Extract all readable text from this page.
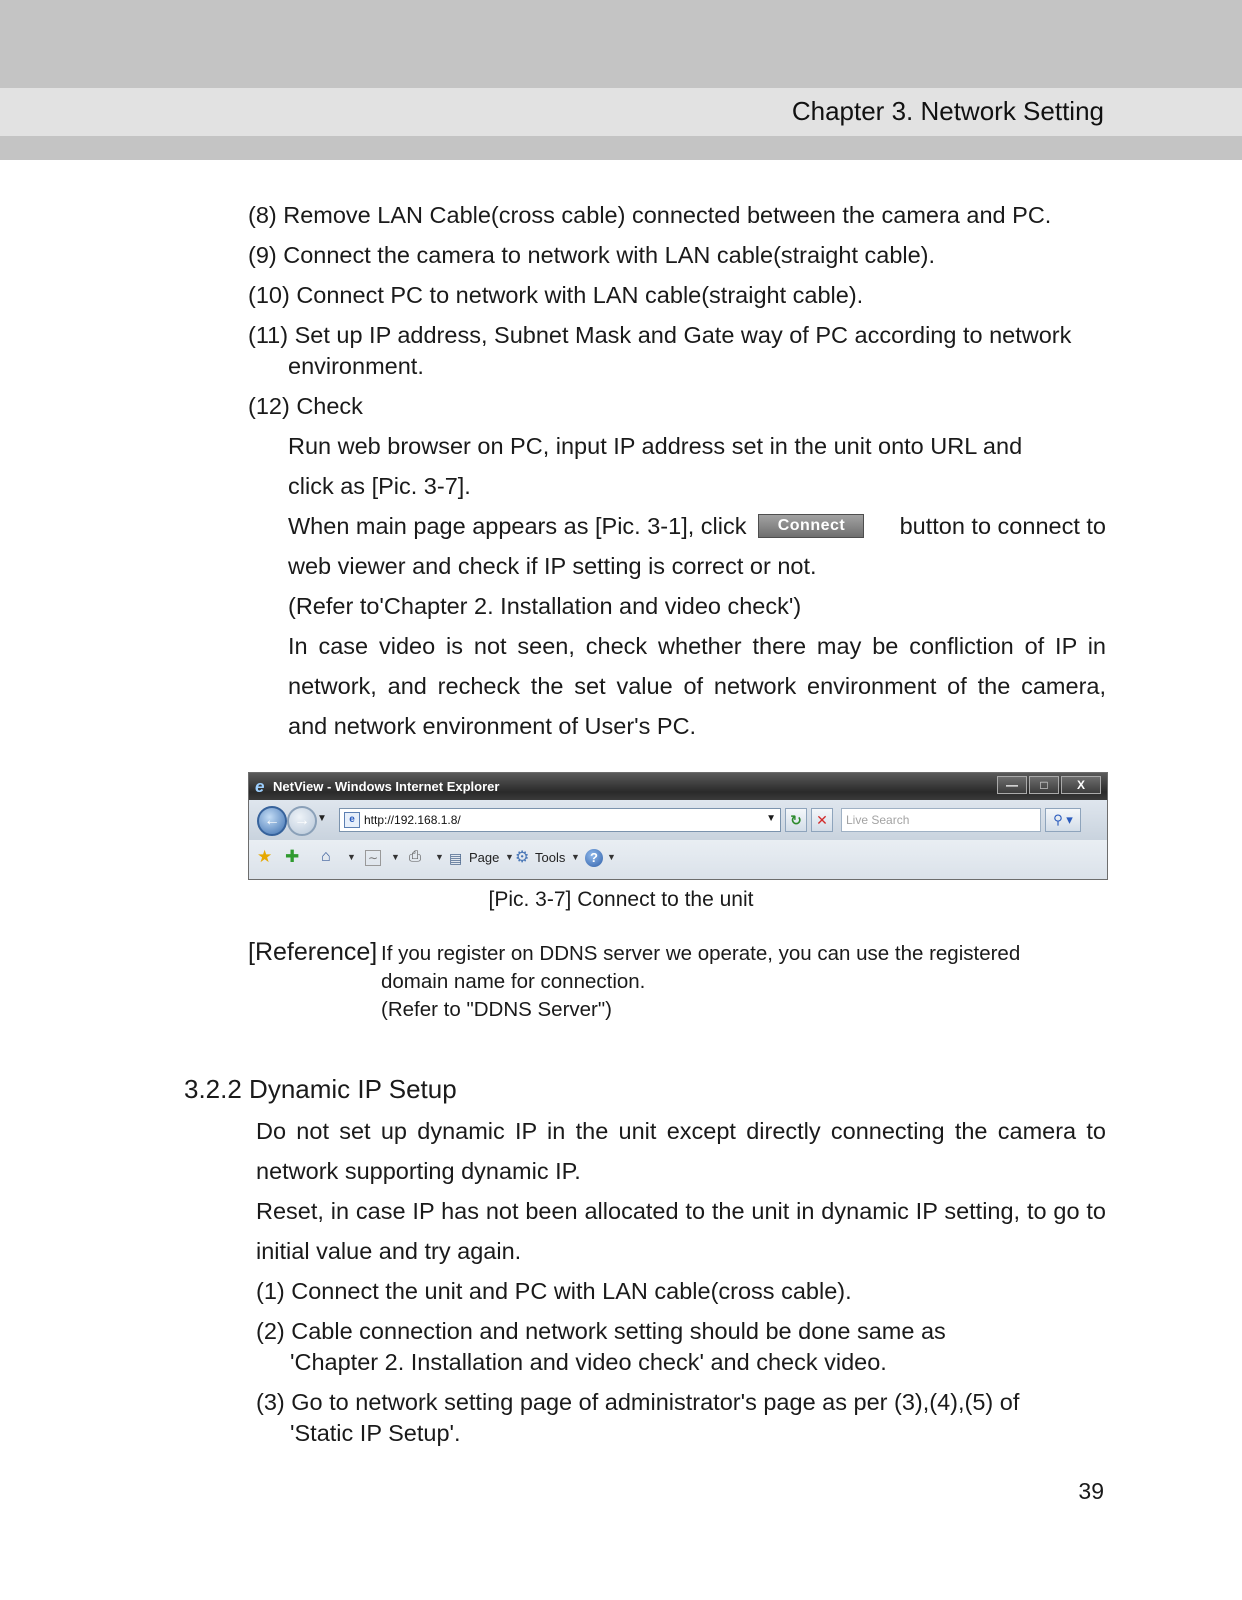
Chapter 3. Network Setting
(8) Remove LAN Cable(cross cable) connected between the camera and PC.
(9) Connect the camera to network with LAN cable(straight cable).
(10) Connect PC to network with LAN cable(straight cable).
(11) Set up IP address, Subnet Mask and Gate way of PC according to network
environment.
(12) Check
Run web browser on PC, input IP address set in the unit onto URL and
click as [Pic. 3-7].
When main page appears as [Pic. 3-1], click	Connect	button to connect to
web viewer and check if IP setting is correct or not.
(Refer to'Chapter 2. Installation and video check')
In case video is not seen, check whether there may be confliction of IP in
network, and recheck the set value of network environment of the camera,
and network environment of User's PC.
e NetView - Windows Internet Explorer	— □ X
← → ▼	e http://192.168.1.8/	▼	↻	✕	Live Search	⚲ ▾
★ ✚ ⌂ ▼ ∼	▼ ⎙ ▼ ▤ Page ▼ ⚙ Tools ▼ ?	▼
[Pic. 3-7] Connect to the unit
[Reference] If you register on DDNS server we operate, you can use the registered
domain name for connection.
(Refer to "DDNS Server")
3.2.2 Dynamic IP Setup
Do not set up dynamic IP in the unit except directly connecting the camera to
network supporting dynamic IP.
Reset, in case IP has not been allocated to the unit in dynamic IP setting, to go to
initial value and try again.
(1) Connect the unit and PC with LAN cable(cross cable).
(2) Cable connection and network setting should be done same as
'Chapter 2. Installation and video check' and check video.
(3) Go to network setting page of administrator's page as per (3),(4),(5) of
'Static IP Setup'.
39
